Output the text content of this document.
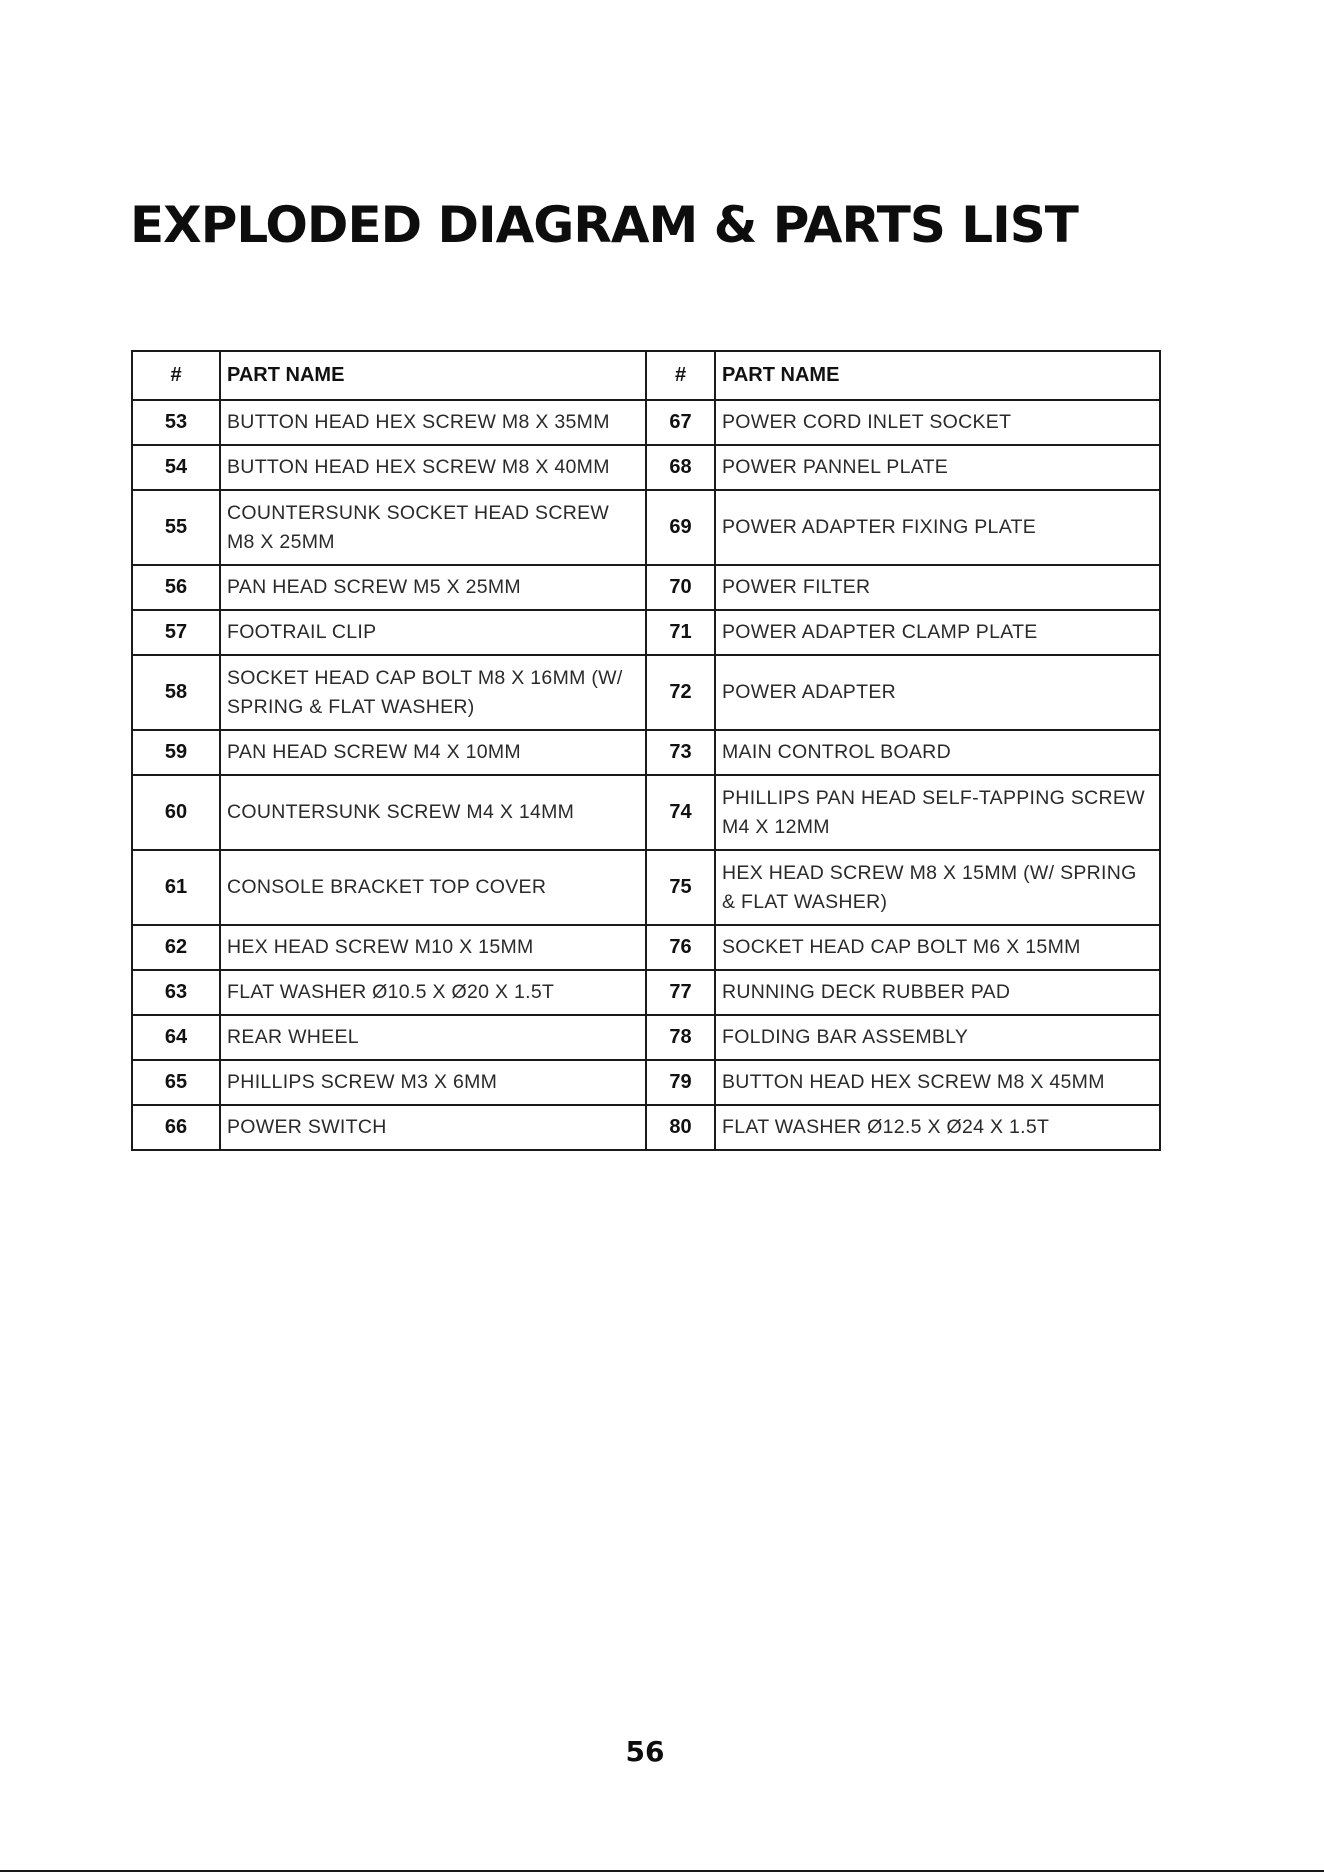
EXPLODED DIAGRAM & PARTS LIST
#	PART NAME	#	PART NAME
53	BUTTON HEAD HEX SCREW M8 X 35MM	67	POWER CORD INLET SOCKET
54	BUTTON HEAD HEX SCREW M8 X 40MM	68	POWER PANNEL PLATE
55	COUNTERSUNK SOCKET HEAD SCREW M8 X 25MM	69	POWER ADAPTER FIXING PLATE
56	PAN HEAD SCREW M5 X 25MM	70	POWER FILTER
57	FOOTRAIL CLIP	71	POWER ADAPTER CLAMP PLATE
58	SOCKET HEAD CAP BOLT M8 X 16MM (W/ SPRING & FLAT WASHER)	72	POWER ADAPTER
59	PAN HEAD SCREW M4 X 10MM	73	MAIN CONTROL BOARD
60	COUNTERSUNK SCREW M4 X 14MM	74	PHILLIPS PAN HEAD SELF-TAPPING SCREW M4 X 12MM
61	CONSOLE BRACKET TOP COVER	75	HEX HEAD SCREW M8 X 15MM (W/ SPRING & FLAT WASHER)
62	HEX HEAD SCREW M10 X 15MM	76	SOCKET HEAD CAP BOLT M6 X 15MM
63	FLAT WASHER Ø10.5 X Ø20 X 1.5T	77	RUNNING DECK RUBBER PAD
64	REAR WHEEL	78	FOLDING BAR ASSEMBLY
65	PHILLIPS SCREW M3 X 6MM	79	BUTTON HEAD HEX SCREW M8 X 45MM
66	POWER SWITCH	80	FLAT WASHER Ø12.5 X Ø24 X 1.5T
56
